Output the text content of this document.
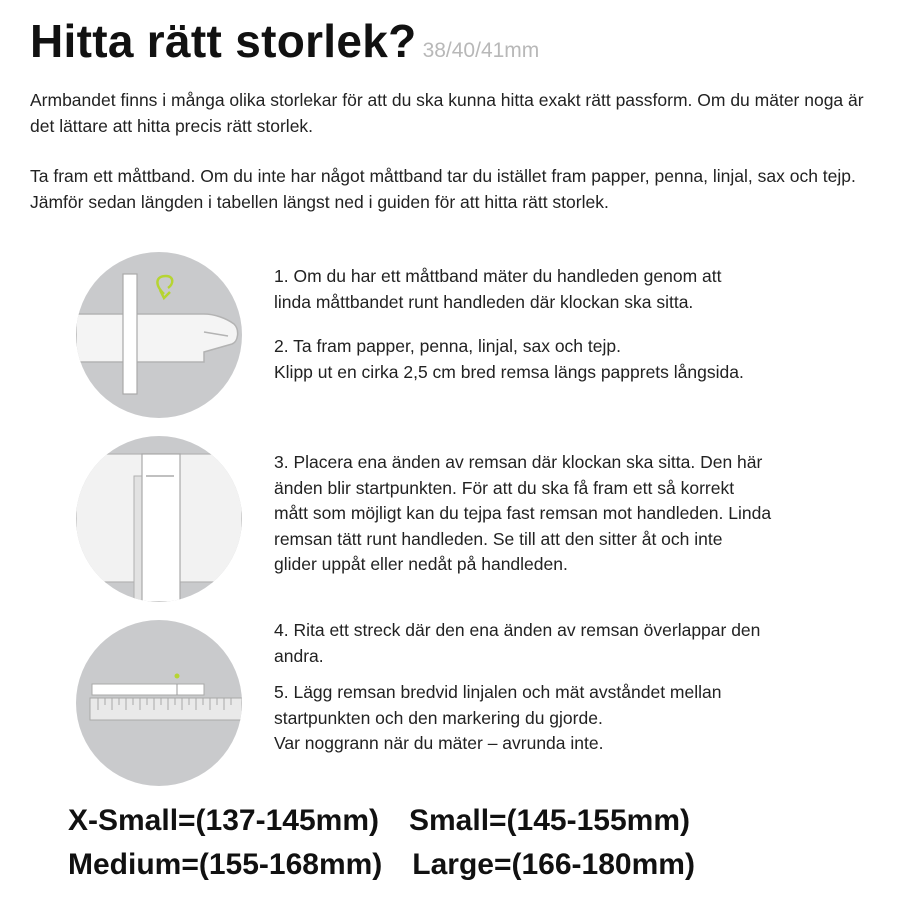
Hitta rätt storlek? 38/40/41mm

Armbandet finns i många olika storlekar för att du ska kunna hitta exakt rätt passform. Om du mäter noga är det lättare att hitta precis rätt storlek.

Ta fram ett måttband. Om du inte har något måttband tar du istället fram papper, penna, linjal, sax och tejp. Jämför sedan längden i tabellen längst ned i guiden för att hitta rätt storlek.

1. Om du har ett måttband mäter du handleden genom att
linda måttbandet runt handleden där klockan ska sitta.
2. Ta fram papper, penna, linjal, sax och tejp.
Klipp ut en cirka 2,5 cm bred remsa längs papprets långsida.
3. Placera ena änden av remsan där klockan ska sitta. Den här
änden blir startpunkten. För att du ska få fram ett så korrekt
mått som möjligt kan du tejpa fast remsan mot handleden. Linda
remsan tätt runt handleden. Se till att den sitter åt och inte
glider uppåt eller nedåt på handleden.
4. Rita ett streck där den ena änden av remsan överlappar den
andra.
5. Lägg remsan bredvid linjalen och mät avståndet mellan
startpunkten och den markering du gjorde.
Var noggrann när du mäter – avrunda inte.
X-Small=(137-145mm) Small=(145-155mm)
Medium=(155-168mm) Large=(166-180mm)
